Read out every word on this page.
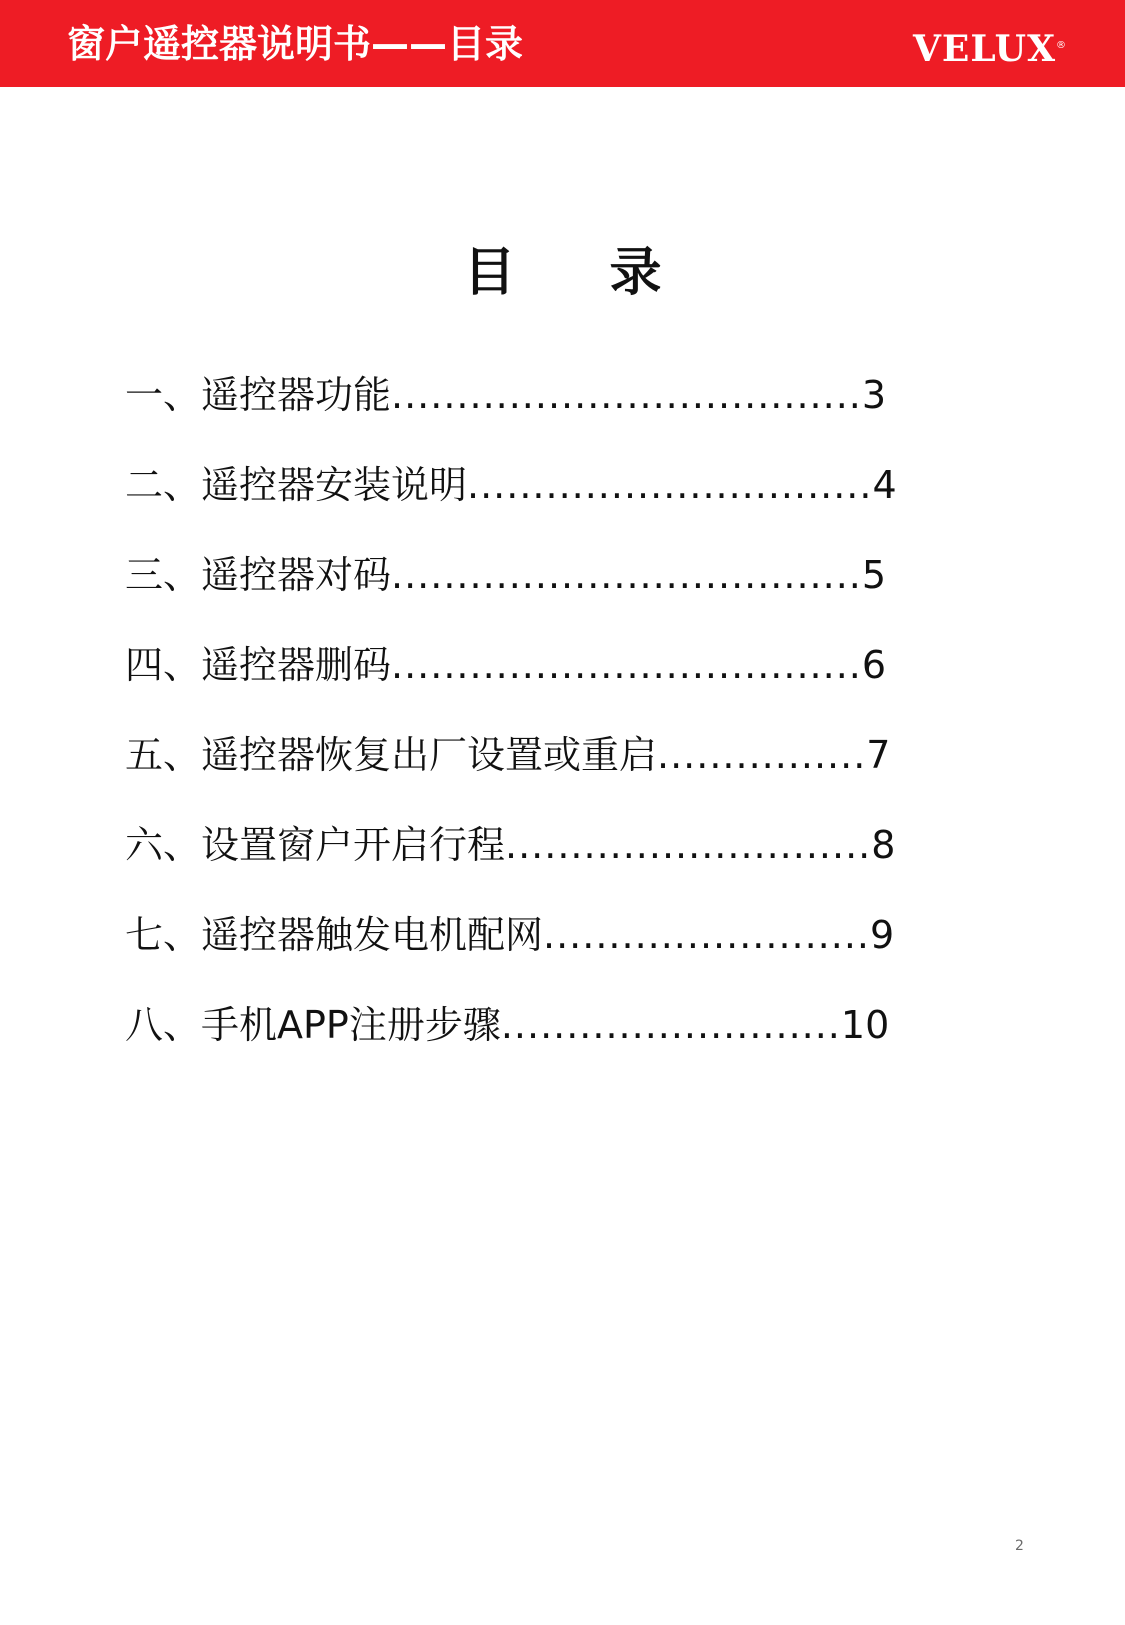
窗户遥控器说明书——目录	VELUX®
目 录
一、遥控器功能 .................................... 3
二、遥控器安装说明 ............................... 4
三、遥控器对码 .................................... 5
四、遥控器删码 .................................... 6
五、遥控器恢复出厂设置或重启 ................ 7
六、设置窗户开启行程 ............................ 8
七、遥控器触发电机配网 ......................... 9
八、手机APP注册步骤 .......................... 10
2
